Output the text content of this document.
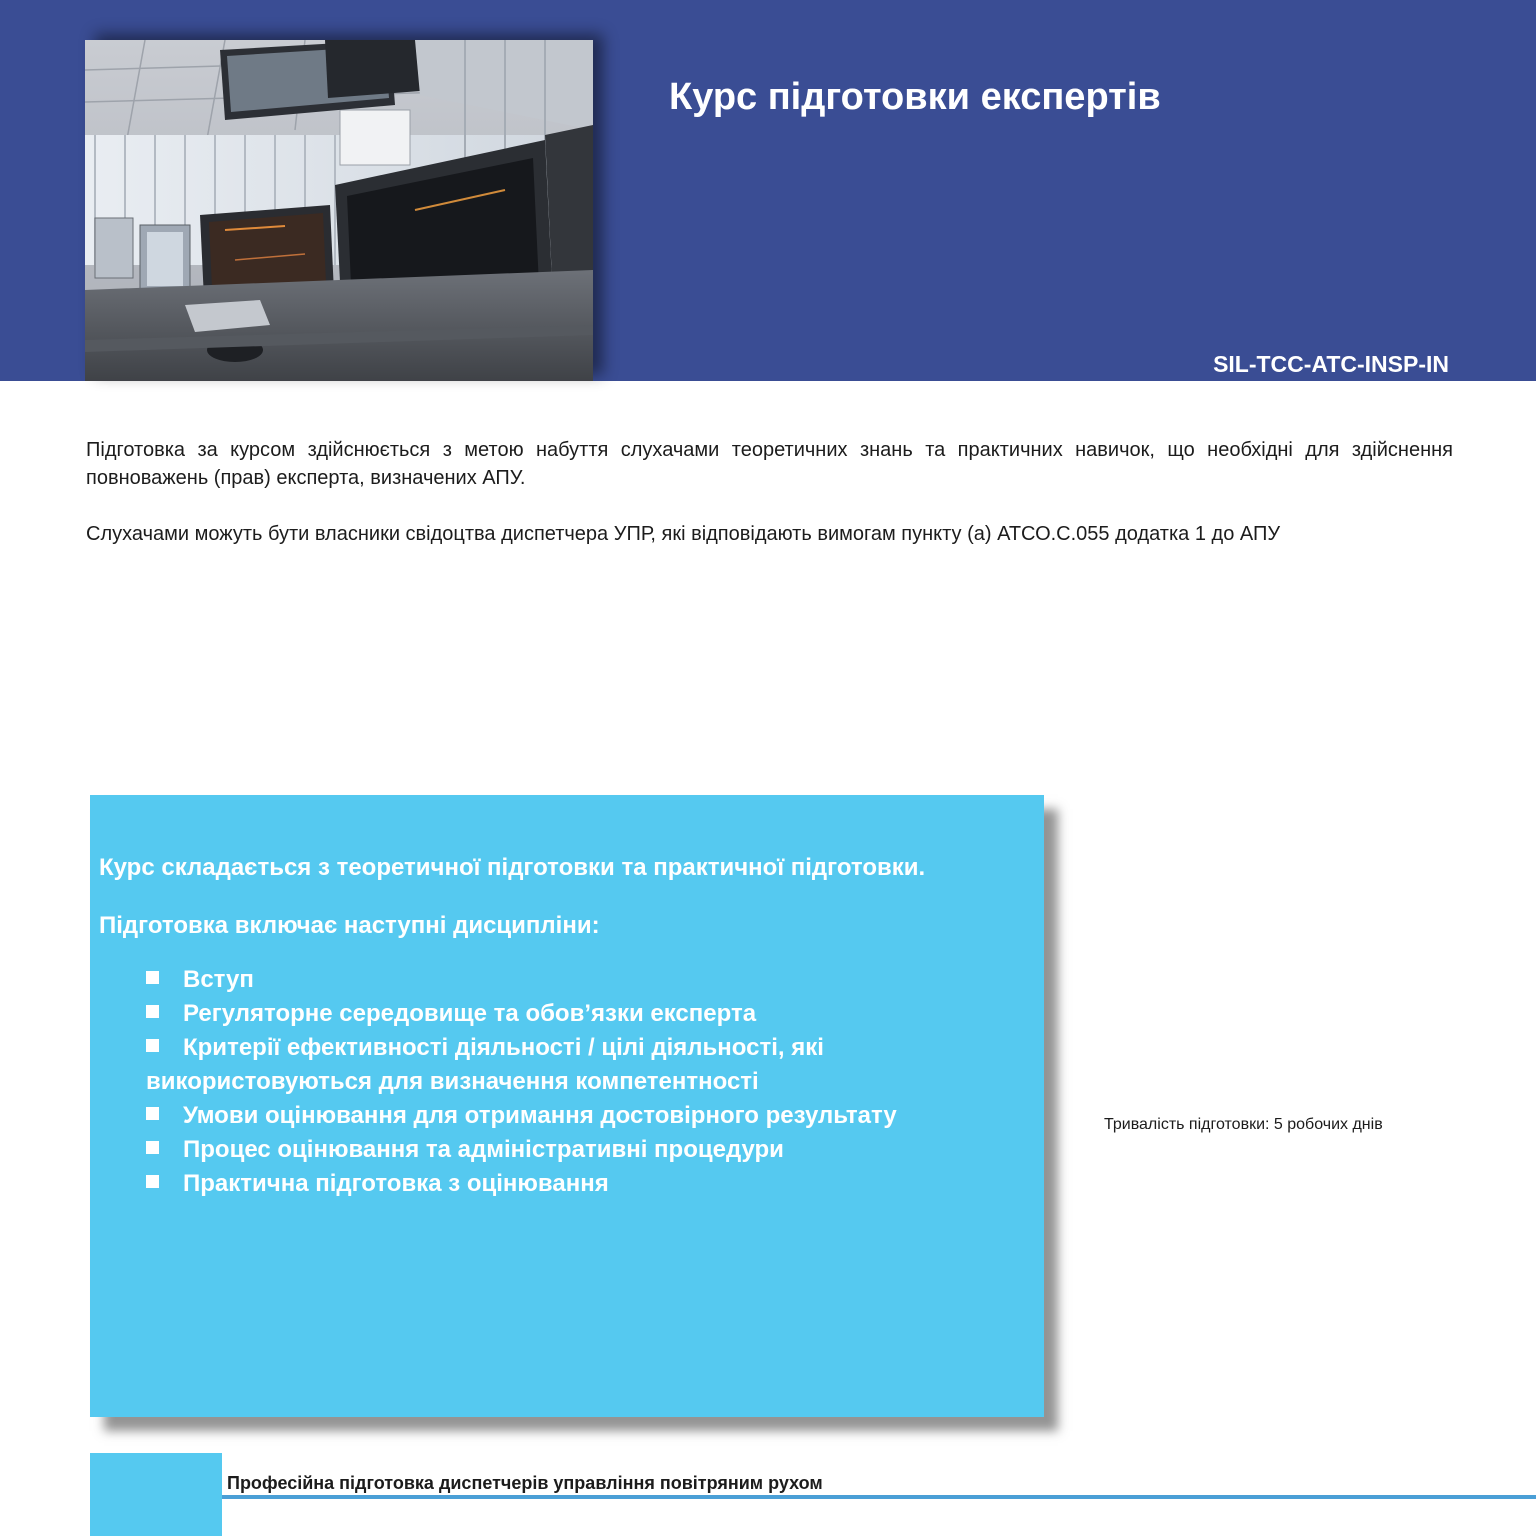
Курс підготовки експертів
SIL-TCC-ATC-INSP-IN

Підготовка за курсом здійснюється з метою набуття слухачами теоретичних знань та практичних навичок, що необхідні для здійснення повноважень (прав) експерта, визначених АПУ.

Слухачами можуть бути власники свідоцтва диспетчера УПР, які відповідають вимогам пункту (a) АТСО.С.055 додатка 1 до АПУ

Курс складається з теоретичної підготовки та практичної підготовки.

Підготовка включає наступні дисципліни:

Вступ
Регуляторне середовище та обов’язки експерта
Критерії ефективності діяльності / цілі діяльності, які використовуються для визначення компетентності
Умови оцінювання для отримання достовірного результату
Процес оцінювання та адміністративні процедури
Практична підготовка з оцінювання
Тривалість підготовки: 5 робочих днів
Професійна підготовка диспетчерів управління повітряним рухом
